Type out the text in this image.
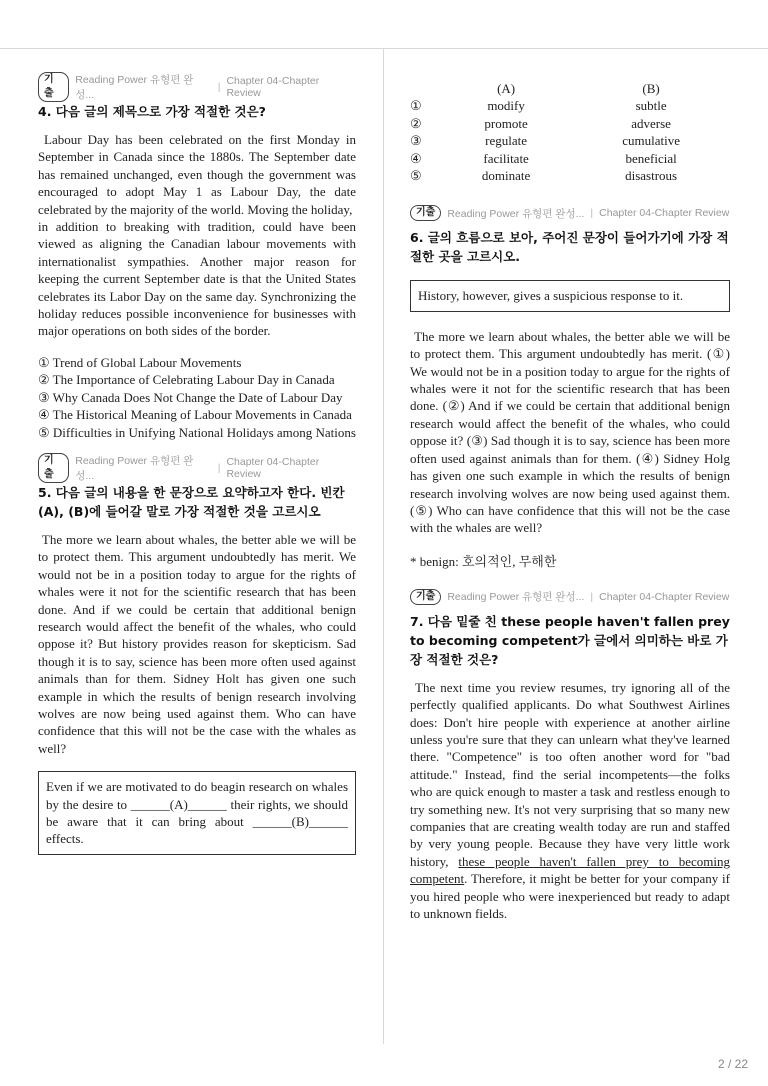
기출
Reading Power 유형편 완성...
| Chapter 04-Chapter Review
4. 다음 글의 제목으로 가장 적절한 것은?
Labour Day has been celebrated on the first Monday in September in Canada since the 1880s. The September date has remained unchanged, even though the government was encouraged to adopt May 1 as Labour Day, the date celebrated by the majority of the world. Moving the holiday,
in addition to breaking with tradition, could have been viewed as aligning the Canadian labour movements with internationalist sympathies. Another major reason for keeping the current September date is that the United States celebrates its Labor Day on the same day. Synchronizing the holiday reduces possible inconvenience for businesses with major operations on both sides of the border.
① Trend of Global Labour Movements
② The Importance of Celebrating Labour Day in Canada
③ Why Canada Does Not Change the Date of Labour Day
④ The Historical Meaning of Labour Movements in Canada
⑤ Difficulties in Unifying National Holidays among Nations
기출
Reading Power 유형편 완성...
| Chapter 04-Chapter Review
5. 다음 글의 내용을 한 문장으로 요약하고자 한다. 빈칸 (A), (B)에 들어갈 말로 가장 적절한 것을 고르시오
The more we learn about whales, the better able we will be to protect them. This argument undoubtedly has merit. We would not be in a position today to argue for the rights of whales were it not for the scientific research that has been done. And if we could be certain that additional benign research would affect the benefit of the whales, who could oppose it? But history provides reason for skepticism. Sad though it is to say, science has been more often used against animals than for them. Sidney Holt has given one such example in which the results of benign research involving wolves are now being used against them. Who can have confidence that this will not be the case with the whales as well?
Even if we are motivated to do beagin research on whales by the desire to ______(A)______ their rights, we should be aware that it can bring about ______(B)______ effects.
	(A)	(B)
①	modify	subtle
②	promote	adverse
③	regulate	cumulative
④	facilitate	beneficial
⑤	dominate	disastrous
기출	Reading Power 유형편 완성... | Chapter 04-Chapter Review
6. 글의 흐름으로 보아, 주어진 문장이 들어가기에 가장 적절한 곳을 고르시오.
History, however, gives a suspicious response to it.
The more we learn about whales, the better able we will be to protect them. This argument undoubtedly has merit. (①) We would not be in a position today to argue for the rights of whales were it not for the scientific research that has been done. (②) And if we could be certain that additional benign research would affect the benefit of the whales, who could oppose it? (③) Sad though it is to say, science has been more often used against animals than for them. (④) Sidney Holg has given one such example in which the results of benign research involving wolves are now being used against them. (⑤) Who can have confidence that this will not be the case with the whales are well?
* benign: 호의적인, 무해한
기출	Reading Power 유형편 완성... | Chapter 04-Chapter Review
7. 다음 밑줄 친 these people haven't fallen prey to becoming competent가 글에서 의미하는 바로 가장 적절한 것은?
The next time you review resumes, try ignoring all of the perfectly qualified applicants. Do what Southwest Airlines does: Don't hire people with experience at another airline unless you're sure that they can unlearn what they've learned there. "Competence" is too often another word for "bad attitude." Instead, find the serial incompetents—the folks who are quick enough to master a task and restless enough to try something new. It's not very surprising that so many new companies that are creating wealth today are run and staffed by very young people. Because they have very little work history, these people haven't fallen prey to becoming competent. Therefore, it might be better for your company if you hired people who were inexperienced but ready to adapt to unknown fields.
2 / 22
